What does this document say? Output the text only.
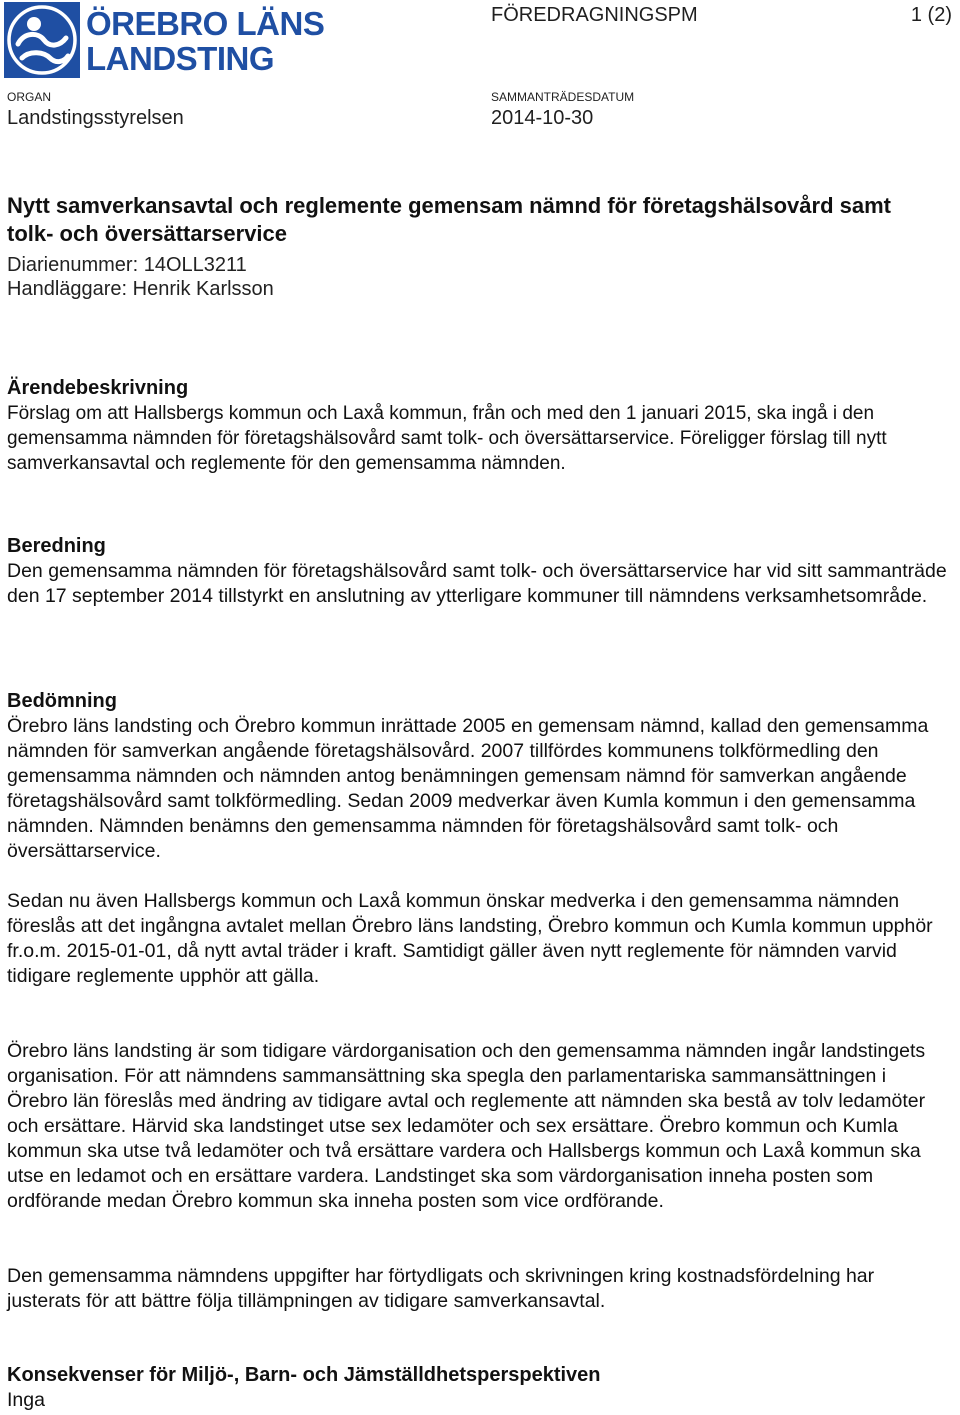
ÖREBRO LÄNS
LANDSTING
FÖREDRAGNINGSPM	1 (2)
ORGAN
Landstingsstyrelsen
SAMMANTRÄDESDATUM
2014-10-30
Nytt samverkansavtal och reglemente gemensam nämnd för företagshälsovård samt tolk- och översättarservice
Diarienummer: 14OLL3211
Handläggare: Henrik Karlsson
Ärendebeskrivning

Förslag om att Hallsbergs kommun och Laxå kommun, från och med den 1 januari 2015, ska ingå i den gemensamma nämnden för företagshälsovård samt tolk- och översättarservice. Föreligger förslag till nytt samverkansavtal och reglemente för den gemensamma nämnden.

Beredning

Den gemensamma nämnden för företagshälsovård samt tolk- och översättarservice har vid sitt sammanträde den 17 september 2014 tillstyrkt en anslutning av ytterligare kommuner till nämndens verksamhetsområde.

Bedömning

Örebro läns landsting och Örebro kommun inrättade 2005 en gemensam nämnd, kallad den gemensamma nämnden för samverkan angående företagshälsovård. 2007 tillfördes kommunens tolkförmedling den gemensamma nämnden och nämnden antog benämningen gemensam nämnd för samverkan angående företagshälsovård samt tolkförmedling. Sedan 2009 medverkar även Kumla kommun i den gemensamma nämnden. Nämnden benämns den gemensamma nämnden för företagshälsovård samt tolk- och översättarservice.

Sedan nu även Hallsbergs kommun och Laxå kommun önskar medverka i den gemensamma nämnden föreslås att det ingångna avtalet mellan Örebro läns landsting, Örebro kommun och Kumla kommun upphör fr.o.m. 2015-01-01, då nytt avtal träder i kraft. Samtidigt gäller även nytt reglemente för nämnden varvid tidigare reglemente upphör att gälla.

Örebro läns landsting är som tidigare värdorganisation och den gemensamma nämnden ingår landstingets organisation. För att nämndens sammansättning ska spegla den parlamentariska sammansättningen i Örebro län föreslås med ändring av tidigare avtal och reglemente att nämnden ska bestå av tolv ledamöter och ersättare. Härvid ska landstinget utse sex ledamöter och sex ersättare. Örebro kommun och Kumla kommun ska utse två ledamöter och två ersättare vardera och Hallsbergs kommun och Laxå kommun ska utse en ledamot och en ersättare vardera. Landstinget ska som värdorganisation inneha posten som ordförande medan Örebro kommun ska inneha posten som vice ordförande.

Den gemensamma nämndens uppgifter har förtydligats och skrivningen kring kostnadsfördelning har justerats för att bättre följa tillämpningen av tidigare samverkansavtal.

Konsekvenser för Miljö-, Barn- och Jämställdhetsperspektiven

Inga
